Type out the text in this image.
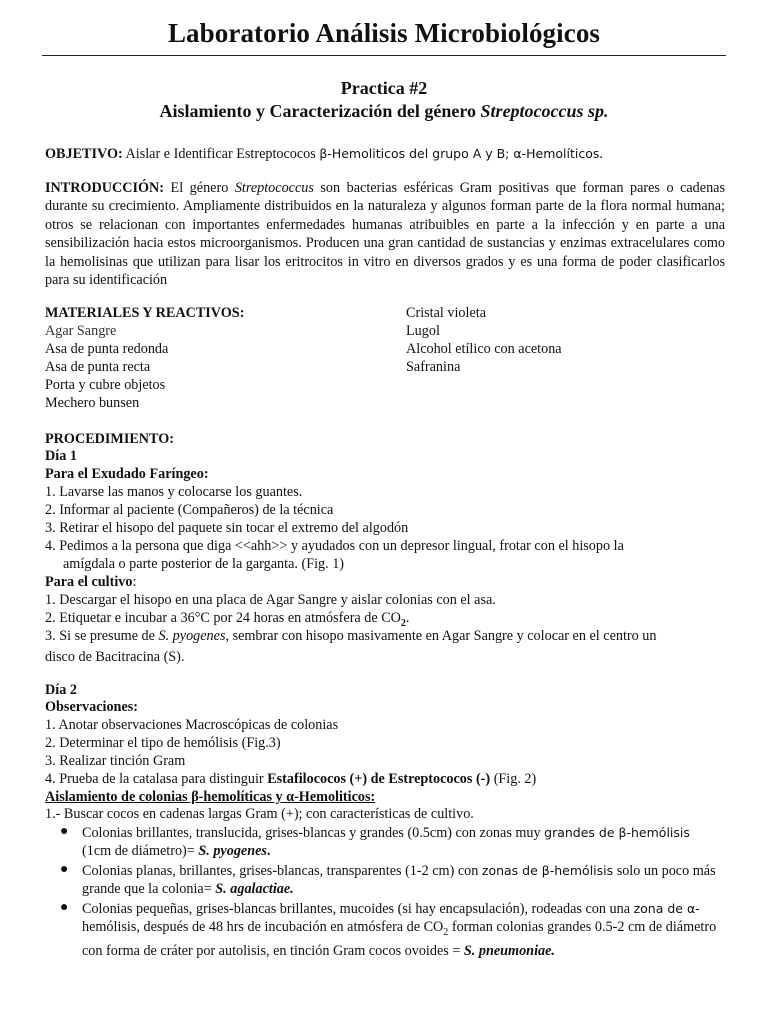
Laboratorio Análisis Microbiológicos
Practica #2
Aislamiento y Caracterización del género Streptococcus sp.
OBJETIVO: Aislar e Identificar Estreptococos β-Hemoliticos del grupo A y B; α-Hemolíticos.
INTRODUCCIÓN: El género Streptococcus son bacterias esféricas Gram positivas que forman pares o cadenas durante su crecimiento. Ampliamente distribuidos en la naturaleza y algunos forman parte de la flora normal humana; otros se relacionan con importantes enfermedades humanas atribuibles en parte a la infección y en parte a una sensibilización hacia estos microorganismos. Producen una gran cantidad de sustancias y enzimas extracelulares como la hemolisinas que utilizan para lisar los eritrocitos in vitro en diversos grados y es una forma de poder clasificarlos para su identificación
MATERIALES Y REACTIVOS:
Agar Sangre
Asa de punta redonda
Asa de punta recta
Porta y cubre objetos
Mechero bunsen
Cristal violeta
Lugol
Alcohol etílico con acetona
Safranina
PROCEDIMIENTO:
Día 1
Para el Exudado Faríngeo:
1. Lavarse las manos y colocarse los guantes.
2. Informar al paciente (Compañeros) de la técnica
3. Retirar el hisopo del paquete sin tocar el extremo del algodón
4. Pedimos a la persona que diga <<ahh>> y ayudados con un depresor lingual, frotar con el hisopo la
amígdala o parte posterior de la garganta. (Fig. 1)
Para el cultivo:
1. Descargar el hisopo en una placa de Agar Sangre y aislar colonias con el asa.
2. Etiquetar e incubar a 36°C por 24 horas en atmósfera de $CO_2$.
3. Si se presume de S. pyogenes, sembrar con hisopo masivamente en Agar Sangre y colocar en el centro un
disco de Bacitracina (S).
Día 2
Observaciones:
1. Anotar observaciones Macroscópicas de colonias
2. Determinar el tipo de hemólisis (Fig.3)
3. Realizar tinción Gram
4. Prueba de la catalasa para distinguir Estafilococos (+) de Estreptococos (-) (Fig. 2)
Aislamiento de colonias β-hemolíticas y α-Hemoliticos:
1.- Buscar cocos en cadenas largas Gram (+); con características de cultivo.
● Colonias brillantes, translucida, grises-blancas y grandes (0.5cm) con zonas muy grandes de β-hemólisis (1cm de diámetro)= S. pyogenes.
● Colonias planas, brillantes, grises-blancas, transparentes (1-2 cm) con zonas de β-hemólisis solo un poco más grande que la colonia= S. agalactiae.
● Colonias pequeñas, grises-blancas brillantes, mucoides (si hay encapsulación), rodeadas con una zona de α-hemólisis, después de 48 hrs de incubación en atmósfera de $CO_2$ forman colonias grandes 0.5-2 cm de diámetro con forma de cráter por autolisis, en tinción Gram cocos ovoides = S. pneumoniae.
